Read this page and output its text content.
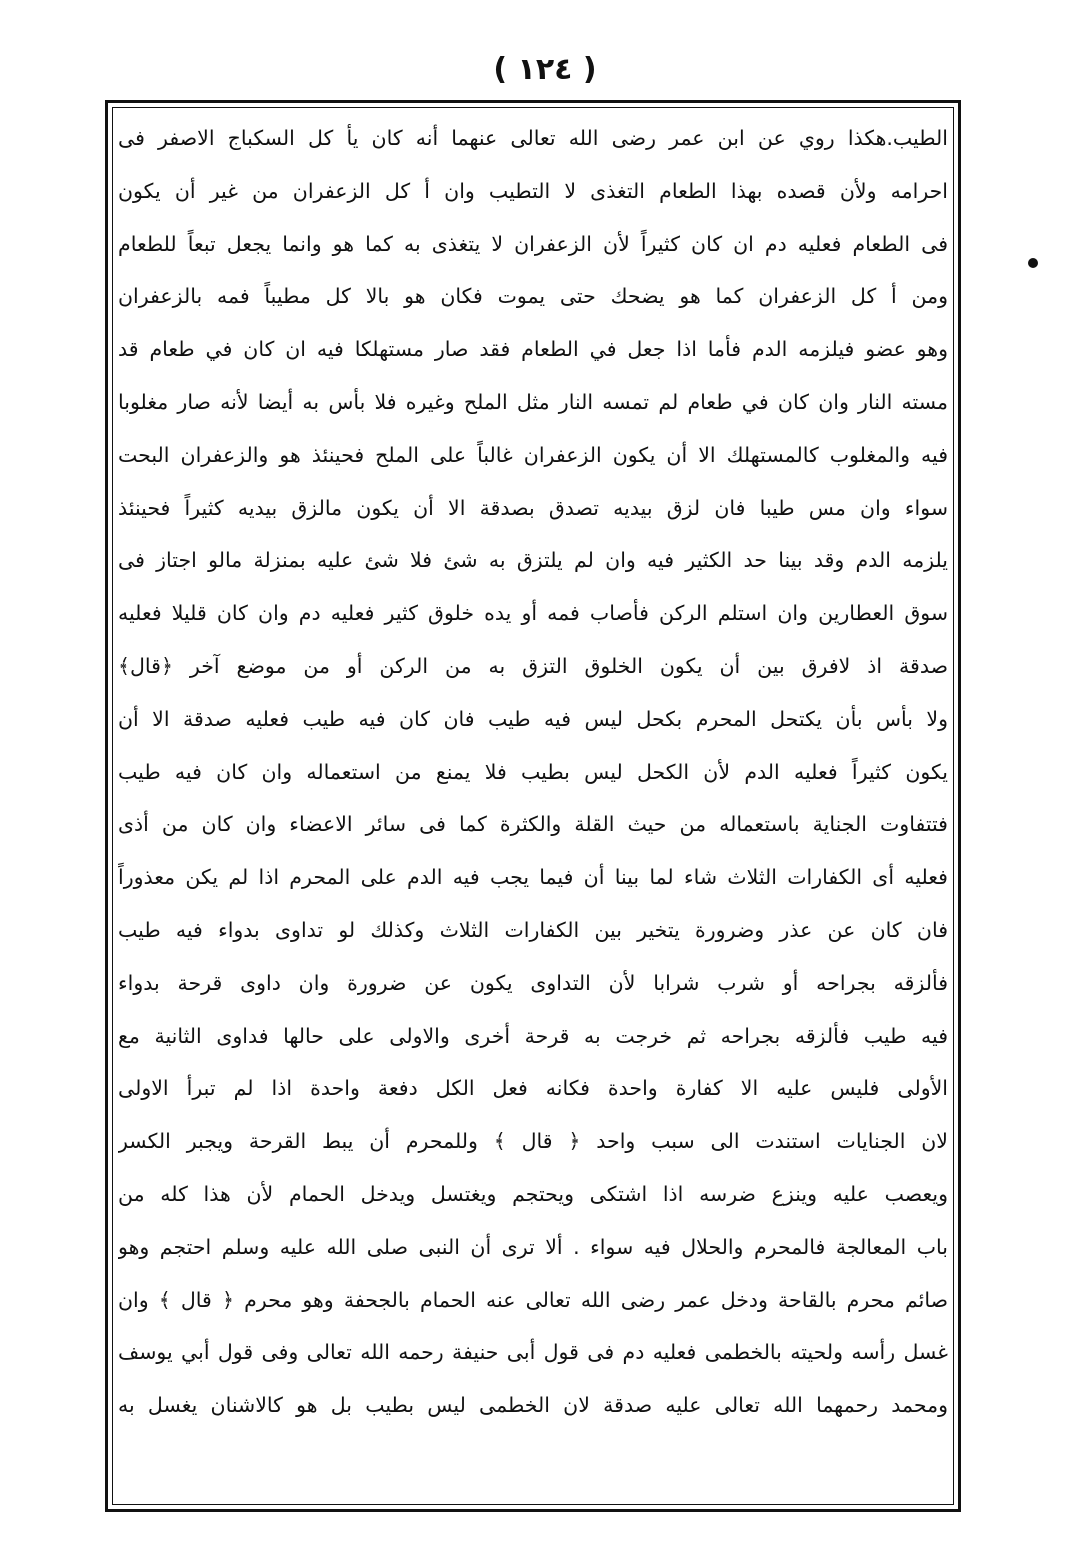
( ١٢٤ )
الطيب.هكذا روي عن ابن عمر رضى الله تعالى عنهما أنه كان يأ كل السكباج الاصفر فى
احرامه ولأن قصده بهذا الطعام التغذى لا التطيب وان أ كل الزعفران من غير أن يكون
فى الطعام فعليه دم ان كان كثيراً لأن الزعفران لا يتغذى به كما هو وانما يجعل تبعاً للطعام
ومن أ كل الزعفران كما هو يضحك حتى يموت فكان هو بالا كل مطيباً فمه بالزعفران
وهو عضو فيلزمه الدم فأما اذا جعل في الطعام فقد صار مستهلكا فيه ان كان في طعام قد
مسته النار وان كان في طعام لم تمسه النار مثل الملح وغيره فلا بأس به أيضا لأنه صار مغلوبا
فيه والمغلوب كالمستهلك الا أن يكون الزعفران غالباً على الملح فحينئذ هو والزعفران البحت
سواء وان مس طيبا فان لزق بيديه تصدق بصدقة الا أن يكون مالزق بيديه كثيراً فحينئذ
يلزمه الدم وقد بينا حد الكثير فيه وان لم يلتزق به شئ فلا شئ عليه بمنزلة مالو اجتاز فى
سوق العطارين وان استلم الركن فأصاب فمه أو يده خلوق كثير فعليه دم وان كان قليلا فعليه
صدقة اذ لافرق بين أن يكون الخلوق التزق به من الركن أو من موضع آخر ﴿قال﴾
ولا بأس بأن يكتحل المحرم بكحل ليس فيه طيب فان كان فيه طيب فعليه صدقة الا أن
يكون كثيراً فعليه الدم لأن الكحل ليس بطيب فلا يمنع من استعماله وان كان فيه طيب
فتتفاوت الجناية باستعماله من حيث القلة والكثرة كما فى سائر الاعضاء وان كان من أذى
فعليه أى الكفارات الثلاث شاء لما بينا أن فيما يجب فيه الدم على المحرم اذا لم يكن معذوراً
فان كان عن عذر وضرورة يتخير بين الكفارات الثلاث وكذلك لو تداوى بدواء فيه طيب
فألزقه بجراحه أو شرب شرابا لأن التداوى يكون عن ضرورة وان داوى قرحة بدواء
فيه طيب فألزقه بجراحه ثم خرجت به قرحة أخرى والاولى على حالها فداوى الثانية مع
الأولى فليس عليه الا كفارة واحدة فكانه فعل الكل دفعة واحدة اذا لم تبرأ الاولى
لان الجنايات استندت الى سبب واحد ﴿ قال ﴾ وللمحرم أن يبط القرحة ويجبر الكسر
ويعصب عليه وينزع ضرسه اذا اشتكى ويحتجم ويغتسل ويدخل الحمام لأن هذا كله من
باب المعالجة فالمحرم والحلال فيه سواء . ألا ترى أن النبى صلى الله عليه وسلم احتجم وهو
صائم محرم بالقاحة ودخل عمر رضى الله تعالى عنه الحمام بالجحفة وهو محرم ﴿ قال ﴾ وان
غسل رأسه ولحيته بالخطمى فعليه دم فى قول أبى حنيفة رحمه الله تعالى وفى قول أبي يوسف
ومحمد رحمهما الله تعالى عليه صدقة لان الخطمى ليس بطيب بل هو كالاشنان يغسل به
